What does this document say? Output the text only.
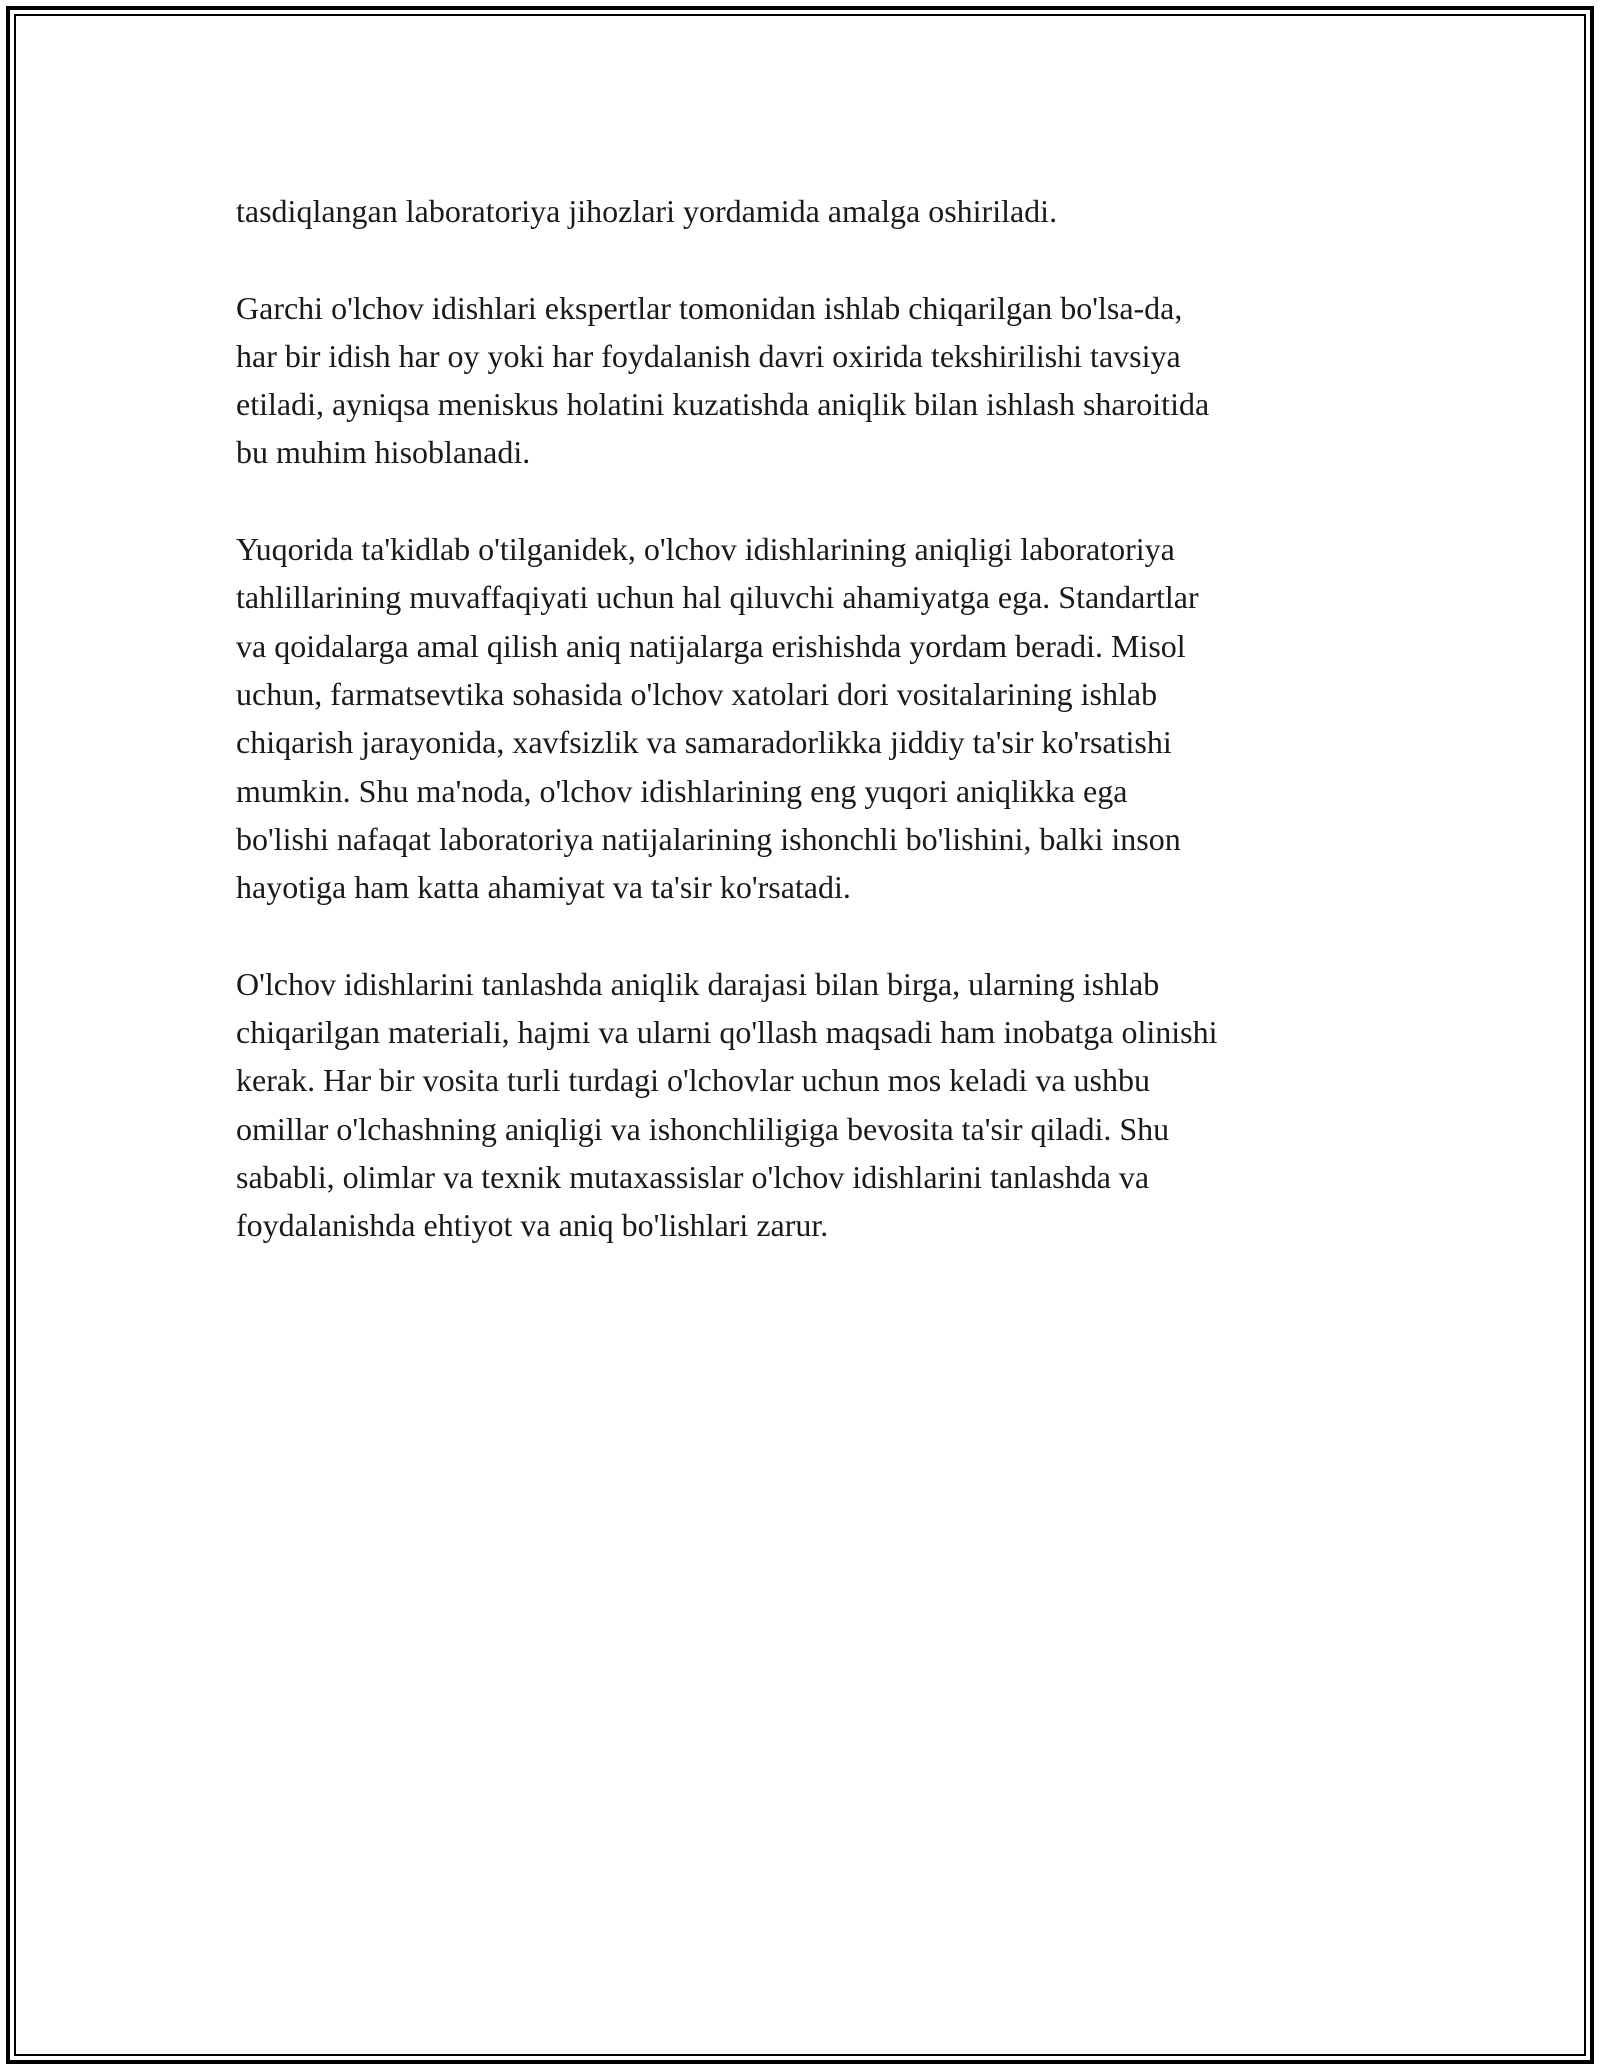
tasdiqlangan laboratoriya jihozlari yordamida amalga oshiriladi.

Garchi o'lchov idishlari ekspertlar tomonidan ishlab chiqarilgan bo'lsa-da,
har bir idish har oy yoki har foydalanish davri oxirida tekshirilishi tavsiya
etiladi, ayniqsa meniskus holatini kuzatishda aniqlik bilan ishlash sharoitida
bu muhim hisoblanadi.

Yuqorida ta'kidlab o'tilganidek, o'lchov idishlarining aniqligi laboratoriya
tahlillarining muvaffaqiyati uchun hal qiluvchi ahamiyatga ega. Standartlar
va qoidalarga amal qilish aniq natijalarga erishishda yordam beradi. Misol
uchun, farmatsevtika sohasida o'lchov xatolari dori vositalarining ishlab
chiqarish jarayonida, xavfsizlik va samaradorlikka jiddiy ta'sir ko'rsatishi
mumkin. Shu ma'noda, o'lchov idishlarining eng yuqori aniqlikka ega
bo'lishi nafaqat laboratoriya natijalarining ishonchli bo'lishini, balki inson
hayotiga ham katta ahamiyat va ta'sir ko'rsatadi.

O'lchov idishlarini tanlashda aniqlik darajasi bilan birga, ularning ishlab
chiqarilgan materiali, hajmi va ularni qo'llash maqsadi ham inobatga olinishi
kerak. Har bir vosita turli turdagi o'lchovlar uchun mos keladi va ushbu
omillar o'lchashning aniqligi va ishonchliligiga bevosita ta'sir qiladi. Shu
sababli, olimlar va texnik mutaxassislar o'lchov idishlarini tanlashda va
foydalanishda ehtiyot va aniq bo'lishlari zarur.
